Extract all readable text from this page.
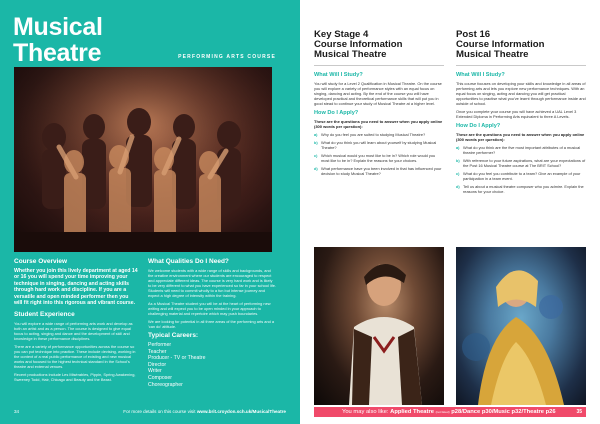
Musical
Theatre	PERFORMING ARTS COURSE
Course Overview
Whether you join this lively department at aged 14 or 16 you will spend your time improving your technique in singing, dancing and acting skills through hard work and discipline. If you are a versatile and open minded performer then you will fit right into this rigorous and vibrant course.
Student Experience
You will explore a wide range of performing arts work and develop as both an artist and as a person. The course is designed to give equal focus to acting, singing and dance and the development of skill and knowledge in these performance disciplines.
There are a variety of performance opportunities across the course so you can put technique into practice. These include devising, working in the context of a real public performance of existing and new musical works and focused to the highest technical standard in the School's theatre and external venues.
Recent productions include Les Misérables, Pippin, Spring Awakening, Sweeney Todd, Hair, Chicago and Beauty and the Beast.
What Qualities Do I Need?
We welcome students with a wide range of skills and backgrounds, and the creative environment where our students are encouraged to respect and appreciate different ideas. The course is very hard work and is likely to be very different to what you have experienced so far in your school life. Students will need to commit wholly to a fun but intense journey and expect a high degree of intensity within the training.
As a Musical Theatre student you will be at the heart of performing new writing and will expect you to be open minded in your approach to challenging material and repertoire which may push boundaries.
We are looking for potential in all three areas of the performing arts and a 'can do' attitude.
Typical Careers:
Performer
Teacher
Producer - TV or Theatre
Director
Writer
Composer
Choreographer
34	For more details on this course visit www.brit.croydon.sch.uk/MusicalTheatre
Key Stage 4
Course Information
Musical Theatre
What Will I Study?
You will study for a Level 2 Qualification in Musical Theatre. On the course you will explore a variety of performance styles with an equal focus on singing, dancing and acting. By the end of the course you will have developed practical and theoretical performance skills that will put you in good stead to continue your study of Musical Theatre at a higher level.
How Do I Apply?
These are the questions you need to answer when you apply online (300 words per question):
a) Why do you feel you are suited to studying Musical Theatre?
b) What do you think you will learn about yourself by studying Musical Theatre?
c) Which musical would you most like to be in? Which role would you most like to be in? Explain the reasons for your choices.
d) What performance have you been involved in that has influenced your decision to study Musical Theatre?
Post 16
Course Information
Musical Theatre
What Will I Study?
This course focuses on developing your skills and knowledge in all areas of performing arts and lets you explore new performance techniques. With an equal focus on singing, acting and dancing you will get practical opportunities to practise what you've learnt through performance inside and outside of school.
Once you complete your course you will have achieved a UAL Level 3 Extended Diploma in Performing Arts equivalent to three A Levels.
How Do I Apply?
These are the questions you need to answer when you apply online (300 words per question):
a) What do you think are the five most important attributes of a musical theatre performer?
b) With reference to your future aspirations, what are your expectations of the Post 16 Musical Theatre course at The BRIT School?
c) What do you feel you contribute to a team? Give an example of your participation in a team event.
d) Tell us about a musical theatre composer who you admire. Explain the reasons for your choice.
You may also like: Applied Theatre (not listed) p28/Dance p30/Music p32/Theatre p26	35
